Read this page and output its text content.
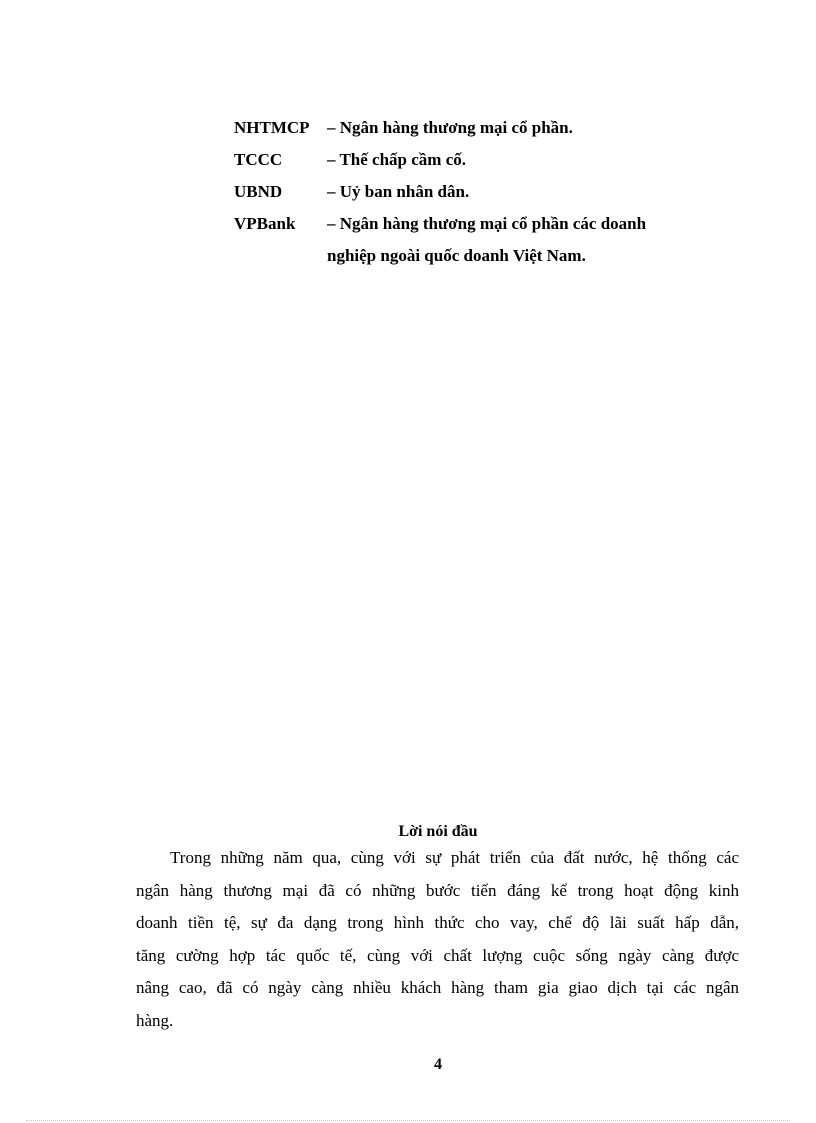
NHTMCP	– Ngân hàng thương mại cổ phần.
TCCC	– Thế chấp cầm cố.
UBND	– Uỷ ban nhân dân.
VPBank	– Ngân hàng thương mại cổ phần các doanh
nghiệp ngoài quốc doanh Việt Nam.
Lời nói đầu
Trong những năm qua, cùng với sự phát triển của đất nước, hệ thống các
ngân hàng thương mại đã có những bước tiến đáng kể trong hoạt động kinh
doanh tiền tệ, sự đa dạng trong hình thức cho vay, chế độ lãi suất hấp dẫn,
tăng cường hợp tác quốc tế, cùng với chất lượng cuộc sống ngày càng được
nâng cao, đã có ngày càng nhiều khách hàng tham gia giao dịch tại các ngân
hàng.
4
